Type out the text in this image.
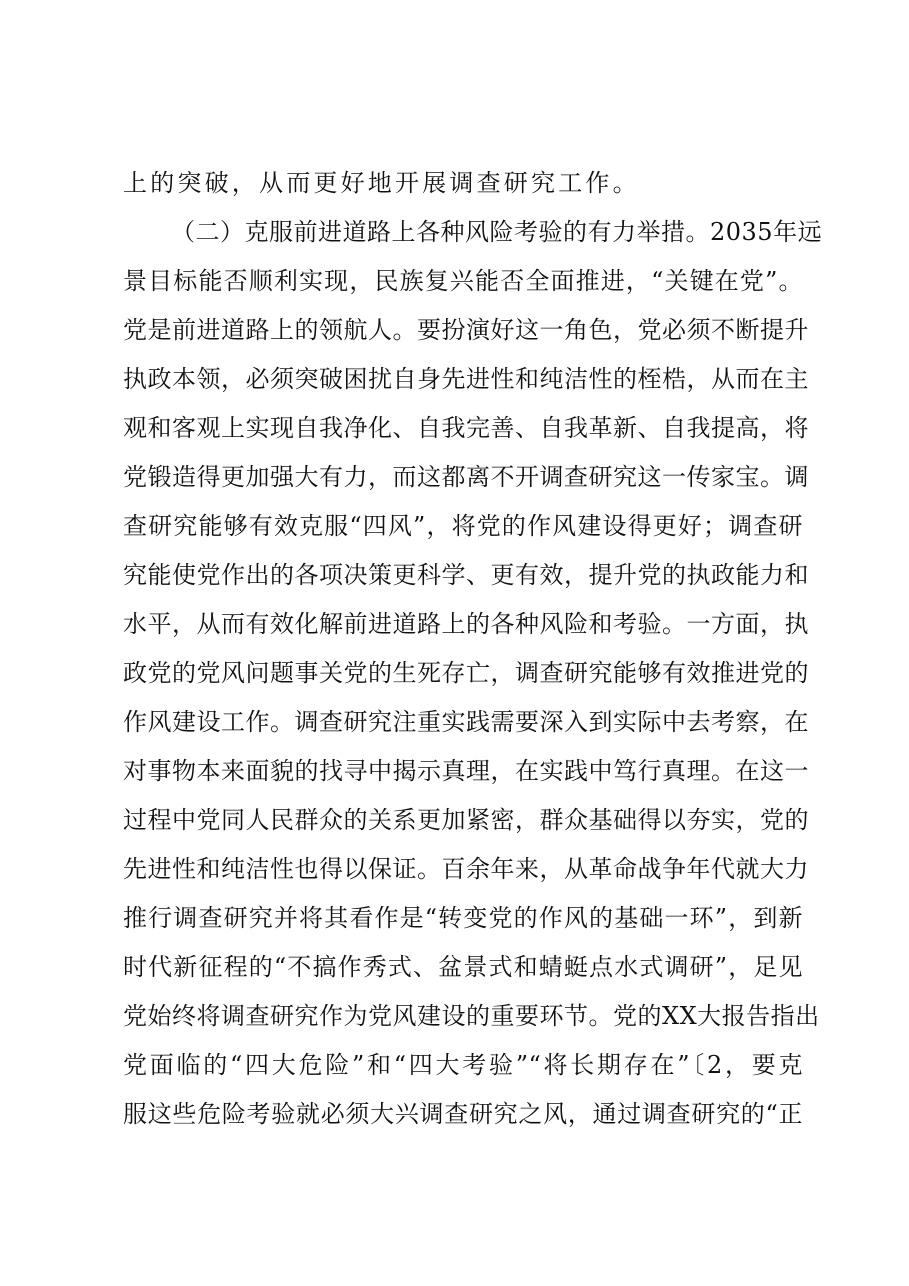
上的突破，从而更好地开展调查研究工作。
（二）克服前进道路上各种风险考验的有力举措。2035年远
景目标能否顺利实现，民族复兴能否全面推进，“关键在党”。
党是前进道路上的领航人。要扮演好这一角色，党必须不断提升
执政本领，必须突破困扰自身先进性和纯洁性的桎梏，从而在主
观和客观上实现自我净化、自我完善、自我革新、自我提高，将
党锻造得更加强大有力，而这都离不开调查研究这一传家宝。调
查研究能够有效克服“四风”，将党的作风建设得更好；调查研
究能使党作出的各项决策更科学、更有效，提升党的执政能力和
水平，从而有效化解前进道路上的各种风险和考验。一方面，执
政党的党风问题事关党的生死存亡，调查研究能够有效推进党的
作风建设工作。调查研究注重实践需要深入到实际中去考察，在
对事物本来面貌的找寻中揭示真理，在实践中笃行真理。在这一
过程中党同人民群众的关系更加紧密，群众基础得以夯实，党的
先进性和纯洁性也得以保证。百余年来，从革命战争年代就大力
推行调查研究并将其看作是“转变党的作风的基础一环”，到新
时代新征程的“不搞作秀式、盆景式和蜻蜓点水式调研”，足见
党始终将调查研究作为党风建设的重要环节。党的XX大报告指出
党面临的“四大危险”和“四大考验”“将长期存在”〔2，要克
服这些危险考验就必须大兴调查研究之风，通过调查研究的“正
